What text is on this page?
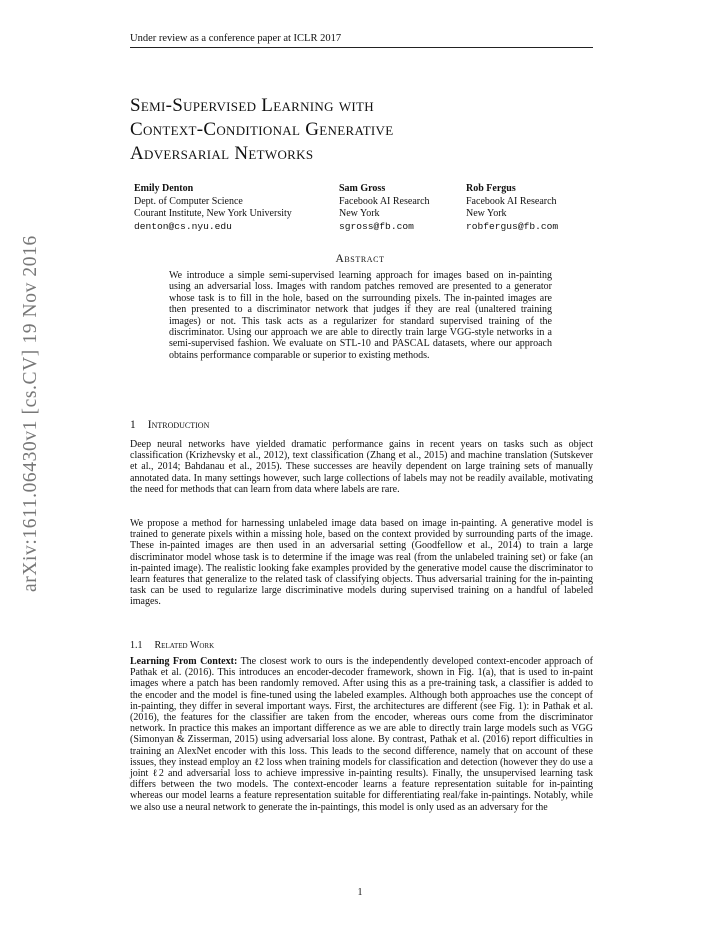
Under review as a conference paper at ICLR 2017
Semi-Supervised Learning with
Context-Conditional Generative
Adversarial Networks
Emily Denton
Dept. of Computer Science
Courant Institute, New York University
denton@cs.nyu.edu
Sam Gross
Facebook AI Research
New York
sgross@fb.com
Rob Fergus
Facebook AI Research
New York
robfergus@fb.com
arXiv:1611.06430v1 [cs.CV] 19 Nov 2016	Abstract
We introduce a simple semi-supervised learning approach for images based on in-painting using an adversarial loss. Images with random patches removed are presented to a generator whose task is to fill in the hole, based on the surrounding pixels. The in-painted images are then presented to a discriminator network that judges if they are real (unaltered training images) or not. This task acts as a regularizer for standard supervised training of the discriminator. Using our approach we are able to directly train large VGG-style networks in a semi-supervised fashion. We evaluate on STL-10 and PASCAL datasets, where our approach obtains performance comparable or superior to existing methods.
1 Introduction
Deep neural networks have yielded dramatic performance gains in recent years on tasks such as object classification (Krizhevsky et al., 2012), text classification (Zhang et al., 2015) and machine translation (Sutskever et al., 2014; Bahdanau et al., 2015). These successes are heavily dependent on large training sets of manually annotated data. In many settings however, such large collections of labels may not be readily available, motivating the need for methods that can learn from data where labels are rare.
We propose a method for harnessing unlabeled image data based on image in-painting. A generative model is trained to generate pixels within a missing hole, based on the context provided by surrounding parts of the image. These in-painted images are then used in an adversarial setting (Goodfellow et al., 2014) to train a large discriminator model whose task is to determine if the image was real (from the unlabeled training set) or fake (an in-painted image). The realistic looking fake examples provided by the generative model cause the discriminator to learn features that generalize to the related task of classifying objects. Thus adversarial training for the in-painting task can be used to regularize large discriminative models during supervised training on a handful of labeled images.
1.1 Related Work
Learning From Context: The closest work to ours is the independently developed context-encoder approach of Pathak et al. (2016). This introduces an encoder-decoder framework, shown in Fig. 1(a), that is used to in-paint images where a patch has been randomly removed. After using this as a pre-training task, a classifier is added to the encoder and the model is fine-tuned using the labeled examples. Although both approaches use the concept of in-painting, they differ in several important ways. First, the architectures are different (see Fig. 1): in Pathak et al. (2016), the features for the classifier are taken from the encoder, whereas ours come from the discriminator network. In practice this makes an important difference as we are able to directly train large models such as VGG (Simonyan & Zisserman, 2015) using adversarial loss alone. By contrast, Pathak et al. (2016) report difficulties in training an AlexNet encoder with this loss. This leads to the second difference, namely that on account of these issues, they instead employ an ℓ2 loss when training models for classification and detection (however they do use a joint ℓ2 and adversarial loss to achieve impressive in-painting results). Finally, the unsupervised learning task differs between the two models. The context-encoder learns a feature representation suitable for in-painting whereas our model learns a feature representation suitable for differentiating real/fake in-paintings. Notably, while we also use a neural network to generate the in-paintings, this model is only used as an adversary for the
1
